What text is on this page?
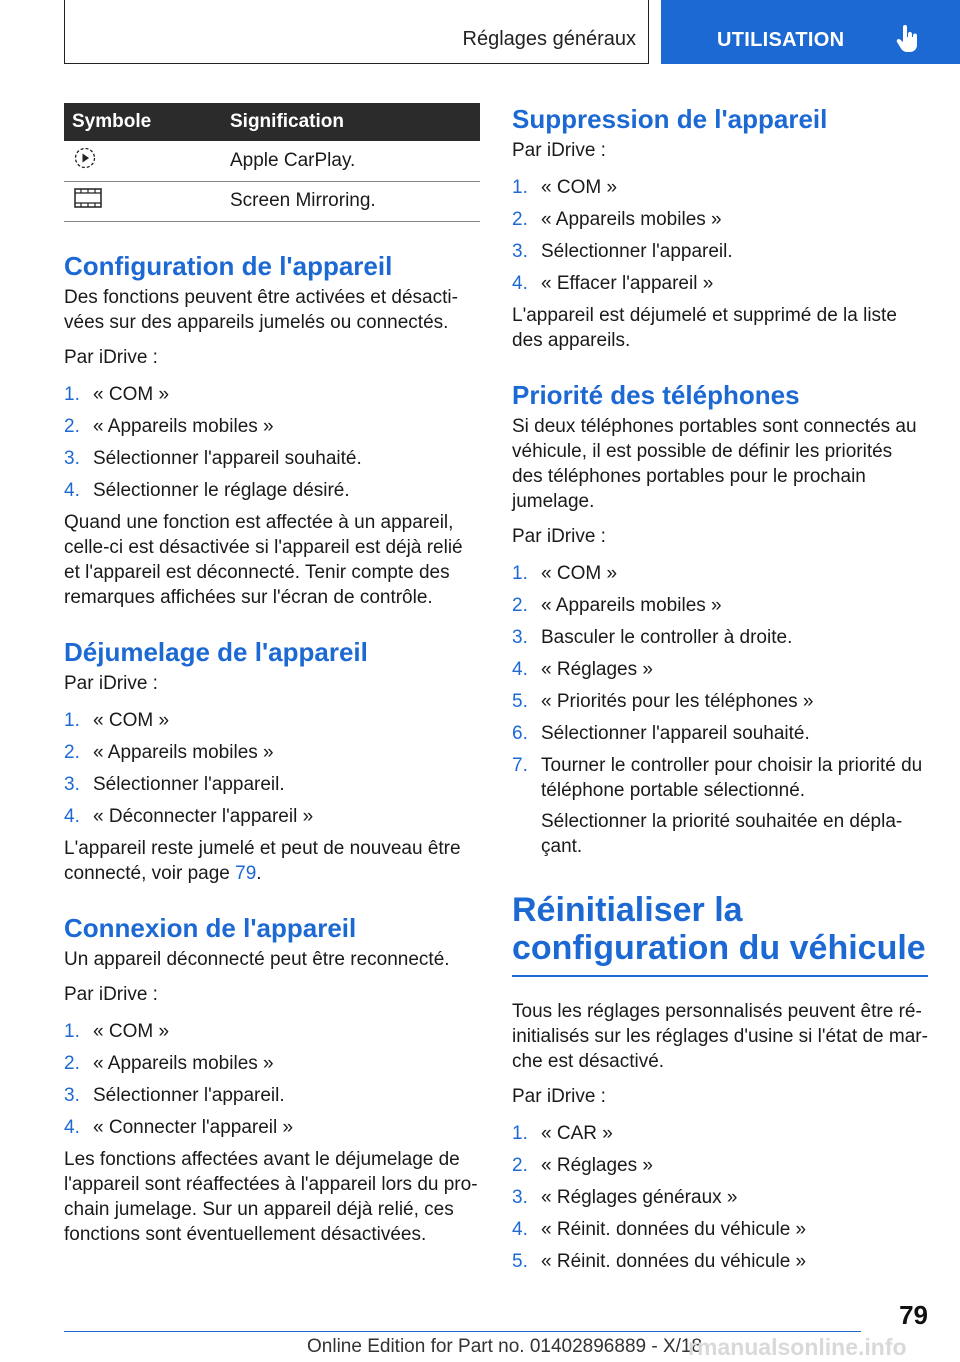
Réglages généraux	UTILISATION
Symbole	Signification
	Apple CarPlay.
	Screen Mirroring.
Configuration de l'appareil

Des fonctions peuvent être activées et désacti-vées sur des appareils jumelés ou connectés.

Par iDrive :

1. « COM »
2. « Appareils mobiles »
3. Sélectionner l'appareil souhaité.
4. Sélectionner le réglage désiré.

Quand une fonction est affectée à un appareil, celle-ci est désactivée si l'appareil est déjà relié et l'appareil est déconnecté. Tenir compte des remarques affichées sur l'écran de contrôle.

Déjumelage de l'appareil

Par iDrive :

1. « COM »
2. « Appareils mobiles »
3. Sélectionner l'appareil.
4. « Déconnecter l'appareil »

L'appareil reste jumelé et peut de nouveau être connecté, voir page 79.

Connexion de l'appareil

Un appareil déconnecté peut être reconnecté.

Par iDrive :

1. « COM »
2. « Appareils mobiles »
3. Sélectionner l'appareil.
4. « Connecter l'appareil »

Les fonctions affectées avant le déjumelage de l'appareil sont réaffectées à l'appareil lors du pro-chain jumelage. Sur un appareil déjà relié, ces fonctions sont éventuellement désactivées.

Suppression de l'appareil

Par iDrive :

1. « COM »
2. « Appareils mobiles »
3. Sélectionner l'appareil.
4. « Effacer l'appareil »

L'appareil est déjumelé et supprimé de la liste des appareils.

Priorité des téléphones

Si deux téléphones portables sont connectés au véhicule, il est possible de définir les priorités des téléphones portables pour le prochain jumelage.

Par iDrive :

1. « COM »
2. « Appareils mobiles »
3. Basculer le controller à droite.
4. « Réglages »
5. « Priorités pour les téléphones »
6. Sélectionner l'appareil souhaité.
7. Tourner le controller pour choisir la priorité du téléphone portable sélectionné.

Sélectionner la priorité souhaitée en dépla-çant.

Réinitialiser la configuration du véhicule

Tous les réglages personnalisés peuvent être ré-initialisés sur les réglages d'usine si l'état de mar-che est désactivé.

Par iDrive :

1. « CAR »
2. « Réglages »
3. « Réglages généraux »
4. « Réinit. données du véhicule »
5. « Réinit. données du véhicule »
79
Online Edition for Part no. 01402896889 - X/18
rmanualsonline.info
